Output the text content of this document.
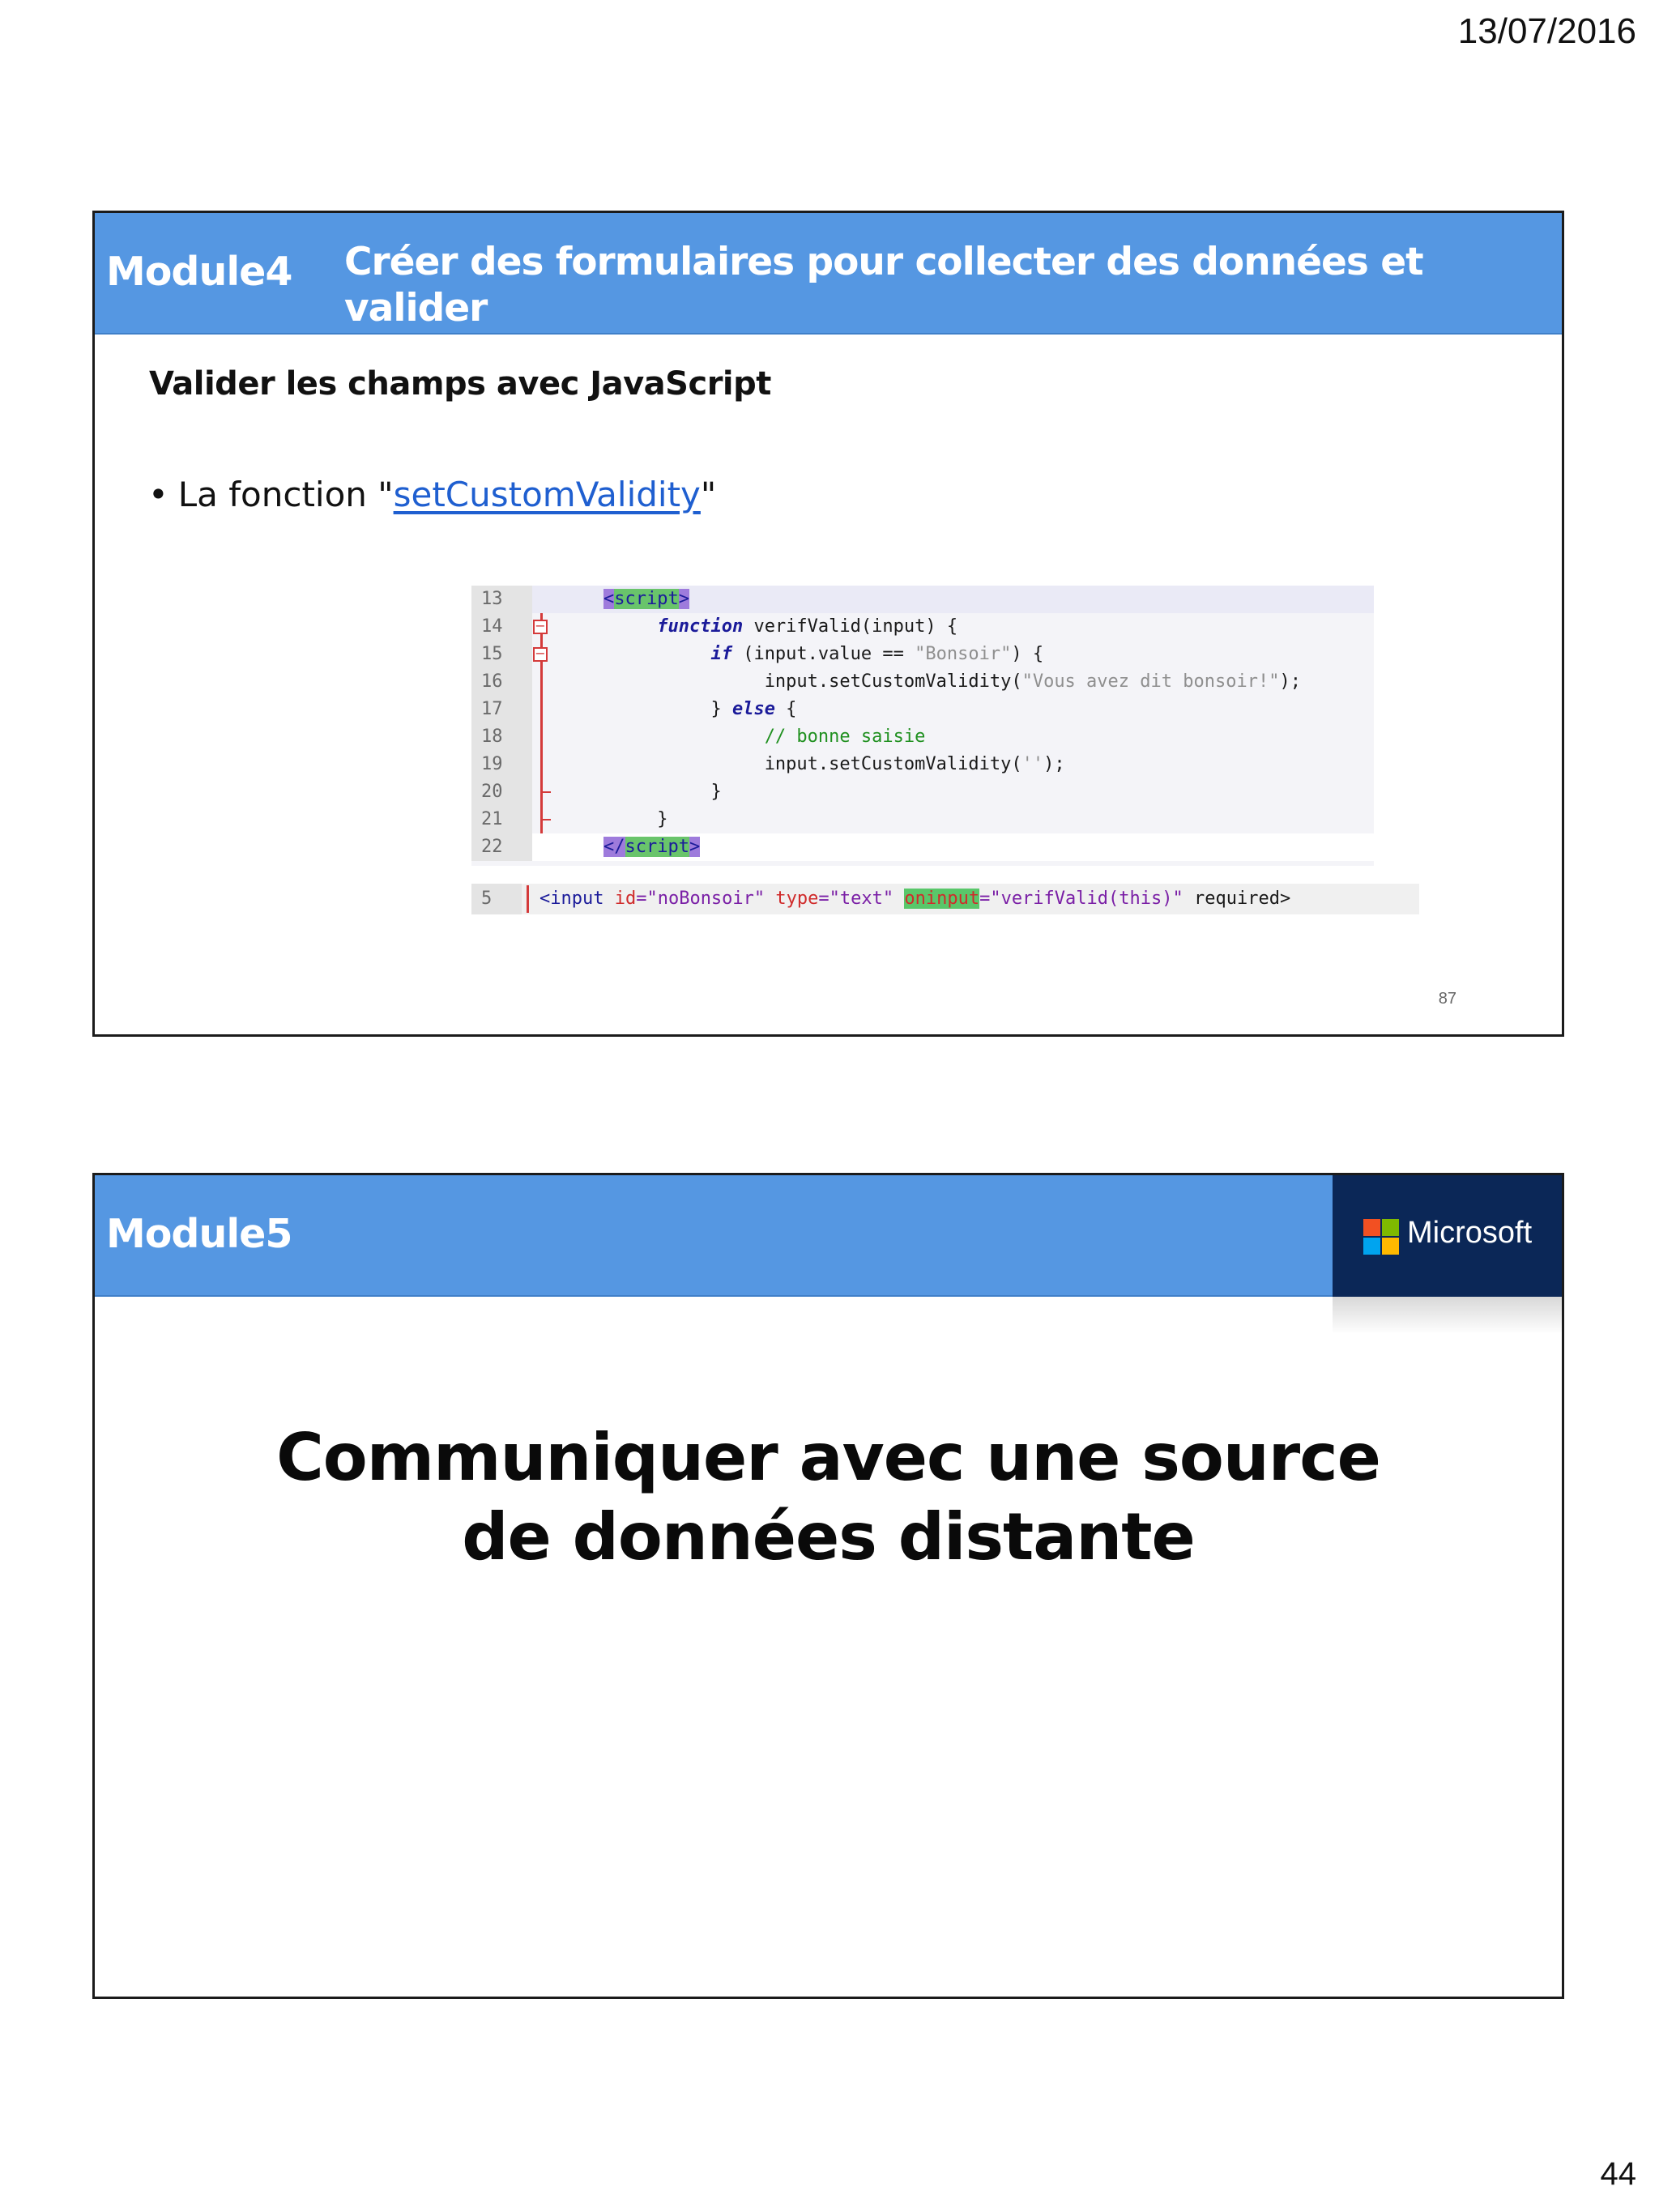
13/07/2016
Module4 Créer des formulaires pour collecter des données et valider
les entrées utilisateurs
Valider les champs avec JavaScript
• La fonction "setCustomValidity"
−
−

13

	<script>

14

	function verifValid(input) {

15

	if (input.value == "Bonsoir") {

16

	input.setCustomValidity("Vous avez dit bonsoir!");

17

	} else {

18

	// bonne saisie

19

	input.setCustomValidity('');

20

	}

21

	}

22

	</script>

5

	<input id="noBonsoir" type="text" oninput="verifValid(this)" required>

87
Module5	Microsoft
Communiquer avec une source
de données distante
44
